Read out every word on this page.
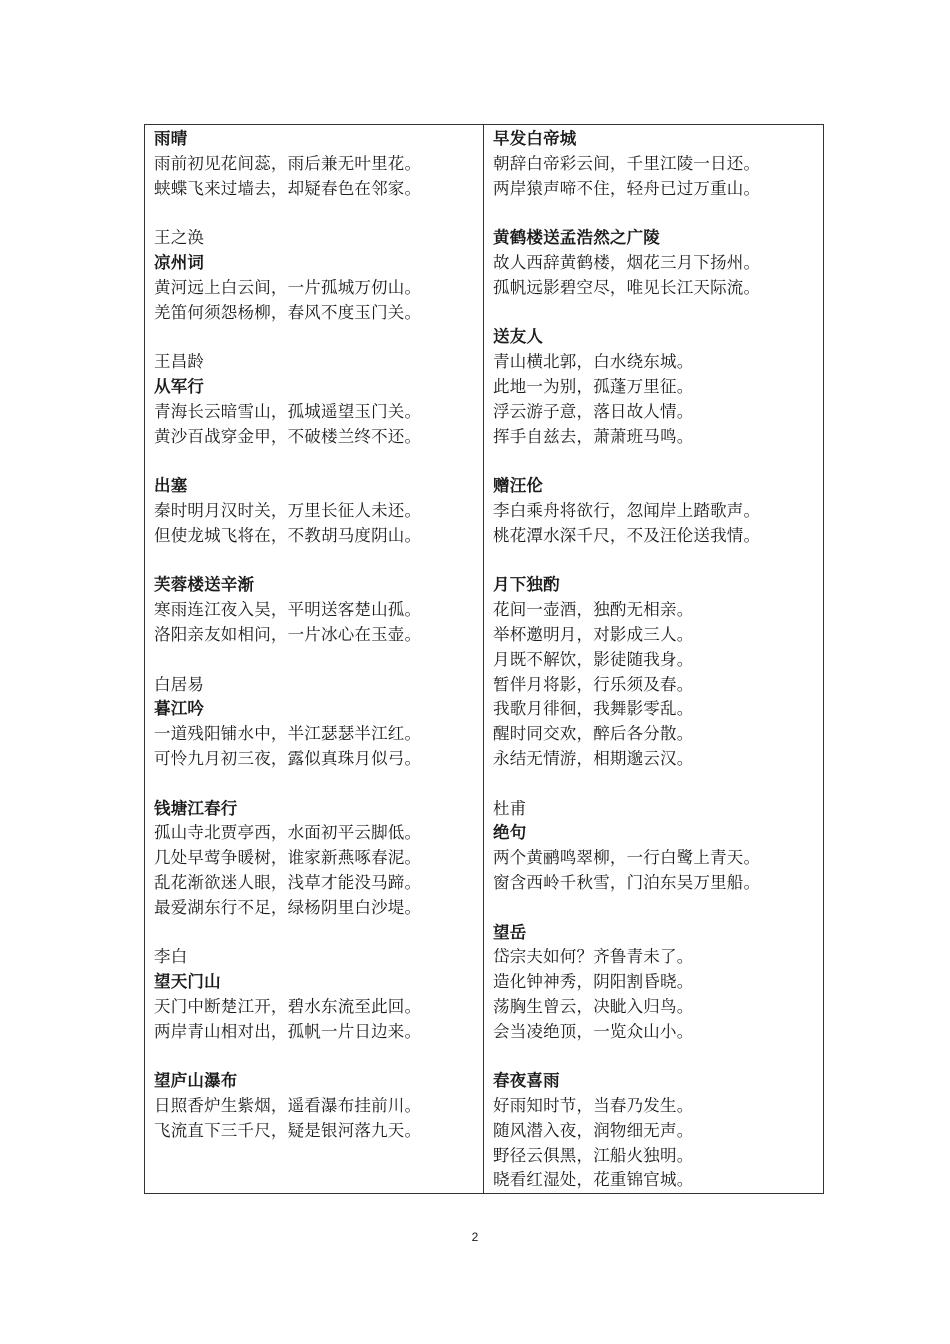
雨晴
雨前初见花间蕊，雨后兼无叶里花。
蛱蝶飞来过墙去，却疑春色在邻家。
王之涣
凉州词
黄河远上白云间，一片孤城万仞山。
羌笛何须怨杨柳，春风不度玉门关。
王昌龄
从军行
青海长云暗雪山，孤城遥望玉门关。
黄沙百战穿金甲，不破楼兰终不还。
出塞
秦时明月汉时关，万里长征人未还。
但使龙城飞将在，不教胡马度阴山。
芙蓉楼送辛渐
寒雨连江夜入吴，平明送客楚山孤。
洛阳亲友如相问，一片冰心在玉壶。
白居易
暮江吟
一道残阳铺水中，半江瑟瑟半江红。
可怜九月初三夜，露似真珠月似弓。
钱塘江春行
孤山寺北贾亭西，水面初平云脚低。
几处早莺争暖树，谁家新燕啄春泥。
乱花渐欲迷人眼，浅草才能没马蹄。
最爱湖东行不足，绿杨阴里白沙堤。
李白
望天门山
天门中断楚江开，碧水东流至此回。
两岸青山相对出，孤帆一片日边来。
望庐山瀑布
日照香炉生紫烟，遥看瀑布挂前川。
飞流直下三千尺，疑是银河落九天。
早发白帝城
朝辞白帝彩云间，千里江陵一日还。
两岸猿声啼不住，轻舟已过万重山。
黄鹤楼送孟浩然之广陵
故人西辞黄鹤楼，烟花三月下扬州。
孤帆远影碧空尽，唯见长江天际流。
送友人
青山横北郭，白水绕东城。
此地一为别，孤蓬万里征。
浮云游子意，落日故人情。
挥手自兹去，萧萧班马鸣。
赠汪伦
李白乘舟将欲行，忽闻岸上踏歌声。
桃花潭水深千尺，不及汪伦送我情。
月下独酌
花间一壶酒，独酌无相亲。
举杯邀明月，对影成三人。
月既不解饮，影徒随我身。
暂伴月将影，行乐须及春。
我歌月徘徊，我舞影零乱。
醒时同交欢，醉后各分散。
永结无情游，相期邈云汉。
杜甫
绝句
两个黄鹂鸣翠柳，一行白鹭上青天。
窗含西岭千秋雪，门泊东吴万里船。
望岳
岱宗夫如何？齐鲁青未了。
造化钟神秀，阴阳割昏晓。
荡胸生曾云，决眦入归鸟。
会当凌绝顶，一览众山小。
春夜喜雨
好雨知时节，当春乃发生。
随风潜入夜，润物细无声。
野径云俱黑，江船火独明。
晓看红湿处，花重锦官城。
2
